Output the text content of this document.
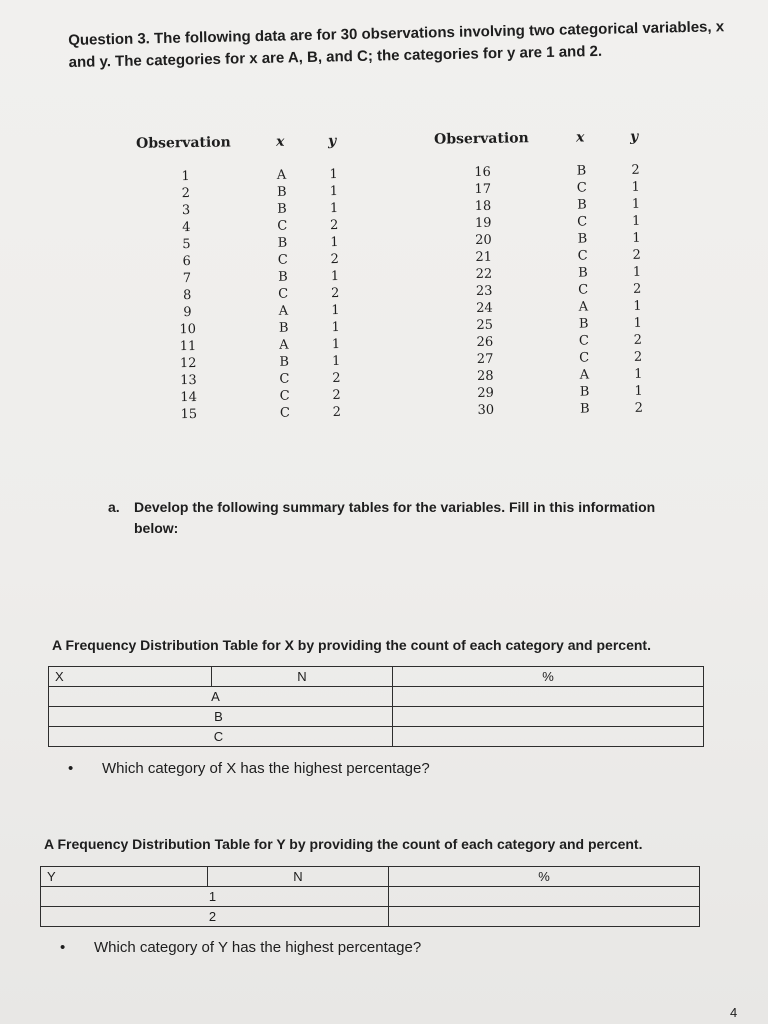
Question 3. The following data are for 30 observations involving two categorical variables, x
and y. The categories for x are A, B, and C; the categories for y are 1 and 2.
Observation	x	y	Observation	x	y
1	A	1	16	B	2
2	B	1	17	C	1
3	B	1	18	B	1
4	C	2	19	C	1
5	B	1	20	B	1
6	C	2	21	C	2
7	B	1	22	B	1
8	C	2	23	C	2
9	A	1	24	A	1
10	B	1	25	B	1
11	A	1	26	C	2
12	B	1	27	C	2
13	C	2	28	A	1
14	C	2	29	B	1
15	C	2	30	B	2
a. Develop the following summary tables for the variables. Fill in this information below:
A Frequency Distribution Table for X by providing the count of each category and percent.
X	N	%
A		
B		
C		
• Which category of X has the highest percentage?
A Frequency Distribution Table for Y by providing the count of each category and percent.
Y	N	%
1		
2		
• Which category of Y has the highest percentage?
4
